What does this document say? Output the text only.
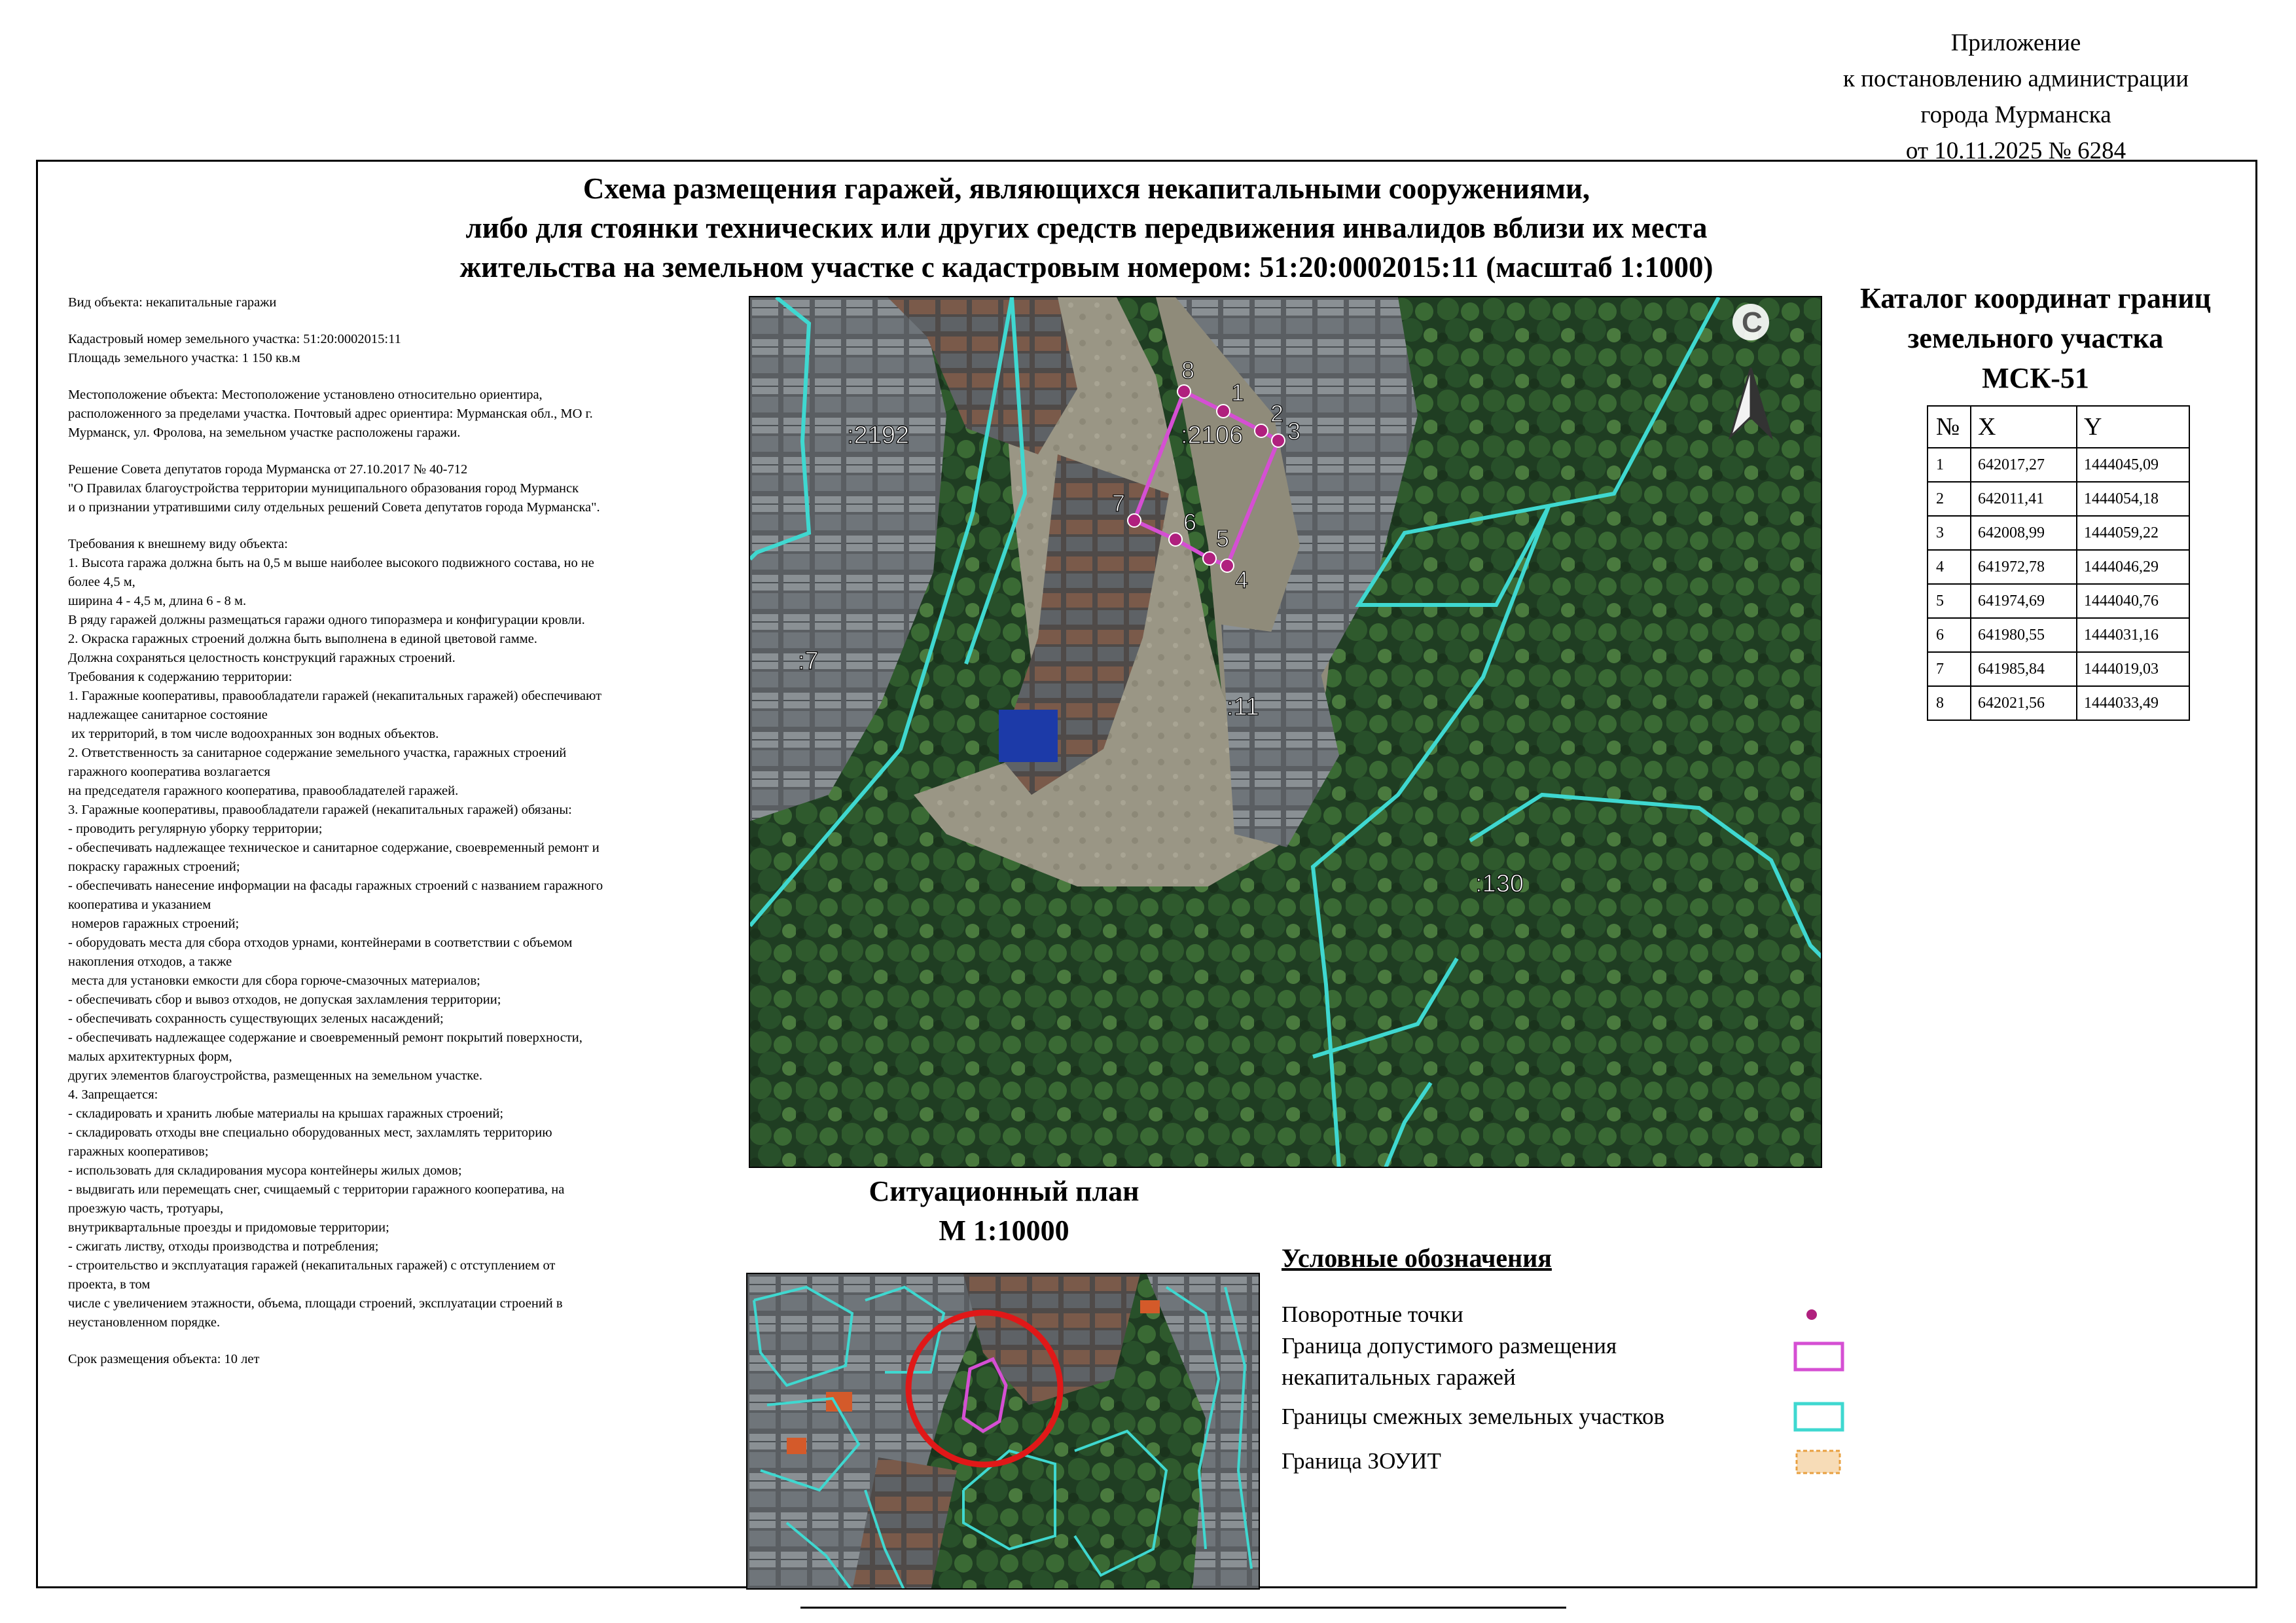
Приложение
к постановлению администрации
города Мурманска
от 10.11.2025 № 6284
Схема размещения гаражей, являющихся некапитальными сооружениями,
либо для стоянки технических или других средств передвижения инвалидов вблизи их места
жительства на земельном участке с кадастровым номером: 51:20:0002015:11 (масштаб 1:1000)

Вид объекта: некапитальные гаражи

Кадастровый номер земельного участка: 51:20:0002015:11

Площадь земельного участка: 1 150 кв.м

Местоположение объекта: Местоположение установлено относительно ориентира,

расположенного за пределами участка. Почтовый адрес ориентира: Мурманская обл., МО г.

Мурманск, ул. Фролова, на земельном участке расположены гаражи.

Решение Совета депутатов города Мурманска от 27.10.2017 № 40-712

"О Правилах благоустройства территории муниципального образования город Мурманск

и о признании утратившими силу отдельных решений Совета депутатов города Мурманска".

Требования к внешнему виду объекта:

1. Высота гаража должна быть на 0,5 м выше наиболее высокого подвижного состава, но не

более 4,5 м,

ширина 4 - 4,5 м, длина 6 - 8 м.

В ряду гаражей должны размещаться гаражи одного типоразмера и конфигурации кровли.

2. Окраска гаражных строений должна быть выполнена в единой цветовой гамме.

Должна сохраняться целостность конструкций гаражных строений.

Требования к содержанию территории:

1. Гаражные кооперативы, правообладатели гаражей (некапитальных гаражей) обеспечивают

надлежащее санитарное состояние

их территорий, в том числе водоохранных зон водных объектов.

2. Ответственность за санитарное содержание земельного участка, гаражных строений

гаражного кооператива возлагается

на председателя гаражного кооператива, правообладателей гаражей.

3. Гаражные кооперативы, правообладатели гаражей (некапитальных гаражей) обязаны:

- проводить регулярную уборку территории;

- обеспечивать надлежащее техническое и санитарное содержание, своевременный ремонт и

покраску гаражных строений;

- обеспечивать нанесение информации на фасады гаражных строений с названием гаражного

кооператива и указанием

номеров гаражных строений;

- оборудовать места для сбора отходов урнами, контейнерами в соответствии с объемом

накопления отходов, а также

места для установки емкости для сбора горюче-смазочных материалов;

- обеспечивать сбор и вывоз отходов, не допуская захламления территории;

- обеспечивать сохранность существующих зеленых насаждений;

- обеспечивать надлежащее содержание и своевременный ремонт покрытий поверхности,

малых архитектурных форм,

других элементов благоустройства, размещенных на земельном участке.

4. Запрещается:

- складировать и хранить любые материалы на крышах гаражных строений;

- складировать отходы вне специально оборудованных мест, захламлять территорию

гаражных кооперативов;

- использовать для складирования мусора контейнеры жилых домов;

- выдвигать или перемещать снег, счищаемый с территории гаражного кооператива, на

проезжую часть, тротуары,

внутриквартальные проезды и придомовые территории;

- сжигать листву, отходы производства и потребления;

- строительство и эксплуатация гаражей (некапитальных гаражей) с отступлением от

проекта, в том

числе с увеличением этажности, объема, площади строений, эксплуатации строений в

неустановленном порядке.

Срок размещения объекта: 10 лет

1
2
3
4
5
6
7
8
:2192	:2106
:7
:11
:130
С
Каталог координат границ
земельного участка
МСК-51
№	X	Y
1	642017,27	1444045,09
2	642011,41	1444054,18
3	642008,99	1444059,22
4	641972,78	1444046,29
5	641974,69	1444040,76
6	641980,55	1444031,16
7	641985,84	1444019,03
8	642021,56	1444033,49
Ситуационный план
М 1:10000
Условные обозначения
Поворотные точки
Граница допустимого размещения
некапитальных гаражей
Границы смежных земельных участков
Граница ЗОУИТ
